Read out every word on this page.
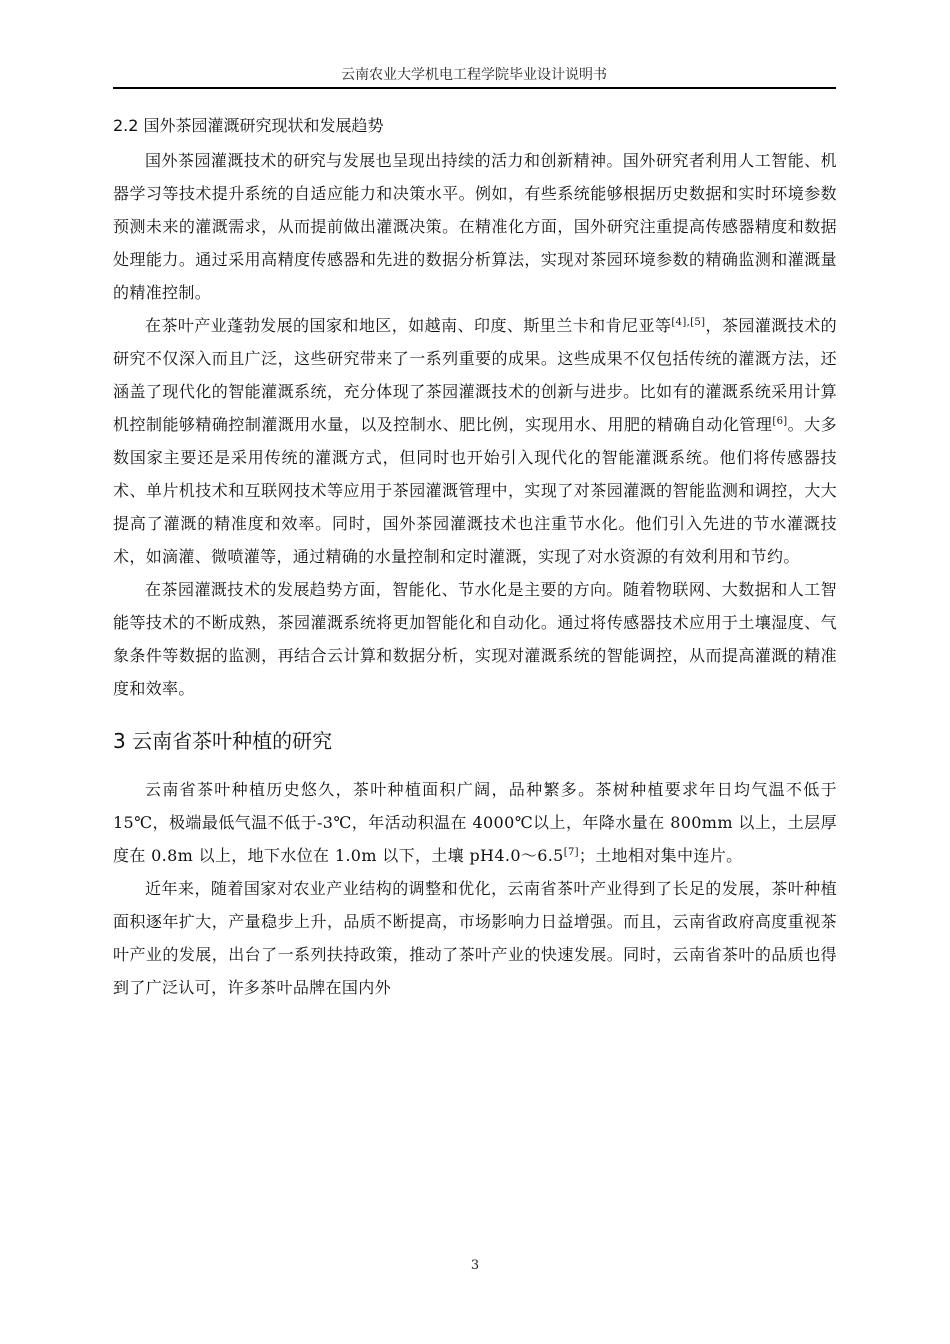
云南农业大学机电工程学院毕业设计说明书
2.2 国外茶园灌溉研究现状和发展趋势

国外茶园灌溉技术的研究与发展也呈现出持续的活力和创新精神。国外研究者利用人工智能、机器学习等技术提升系统的自适应能力和决策水平。例如，有些系统能够根据历史数据和实时环境参数预测未来的灌溉需求，从而提前做出灌溉决策。在精准化方面，国外研究注重提高传感器精度和数据处理能力。通过采用高精度传感器和先进的数据分析算法，实现对茶园环境参数的精确监测和灌溉量的精准控制。

在茶叶产业蓬勃发展的国家和地区，如越南、印度、斯里兰卡和肯尼亚等[4],[5]，茶园灌溉技术的研究不仅深入而且广泛，这些研究带来了一系列重要的成果。这些成果不仅包括传统的灌溉方法，还涵盖了现代化的智能灌溉系统，充分体现了茶园灌溉技术的创新与进步。比如有的灌溉系统采用计算机控制能够精确控制灌溉用水量，以及控制水、肥比例，实现用水、用肥的精确自动化管理[6]。大多数国家主要还是采用传统的灌溉方式，但同时也开始引入现代化的智能灌溉系统。他们将传感器技术、单片机技术和互联网技术等应用于茶园灌溉管理中，实现了对茶园灌溉的智能监测和调控，大大提高了灌溉的精准度和效率。同时，国外茶园灌溉技术也注重节水化。他们引入先进的节水灌溉技术，如滴灌、微喷灌等，通过精确的水量控制和定时灌溉，实现了对水资源的有效利用和节约。

在茶园灌溉技术的发展趋势方面，智能化、节水化是主要的方向。随着物联网、大数据和人工智能等技术的不断成熟，茶园灌溉系统将更加智能化和自动化。通过将传感器技术应用于土壤湿度、气象条件等数据的监测，再结合云计算和数据分析，实现对灌溉系统的智能调控，从而提高灌溉的精准度和效率。

3 云南省茶叶种植的研究

云南省茶叶种植历史悠久，茶叶种植面积广阔，品种繁多。茶树种植要求年日均气温不低于 15℃，极端最低气温不低于-3℃，年活动积温在 4000℃以上，年降水量在 800mm 以上，土层厚度在 0.8m 以上，地下水位在 1.0m 以下，土壤 pH4.0～6.5[7]；土地相对集中连片。

近年来，随着国家对农业产业结构的调整和优化，云南省茶叶产业得到了长足的发展，茶叶种植面积逐年扩大，产量稳步上升，品质不断提高，市场影响力日益增强。而且，云南省政府高度重视茶叶产业的发展，出台了一系列扶持政策，推动了茶叶产业的快速发展。同时，云南省茶叶的品质也得到了广泛认可，许多茶叶品牌在国内外

3
